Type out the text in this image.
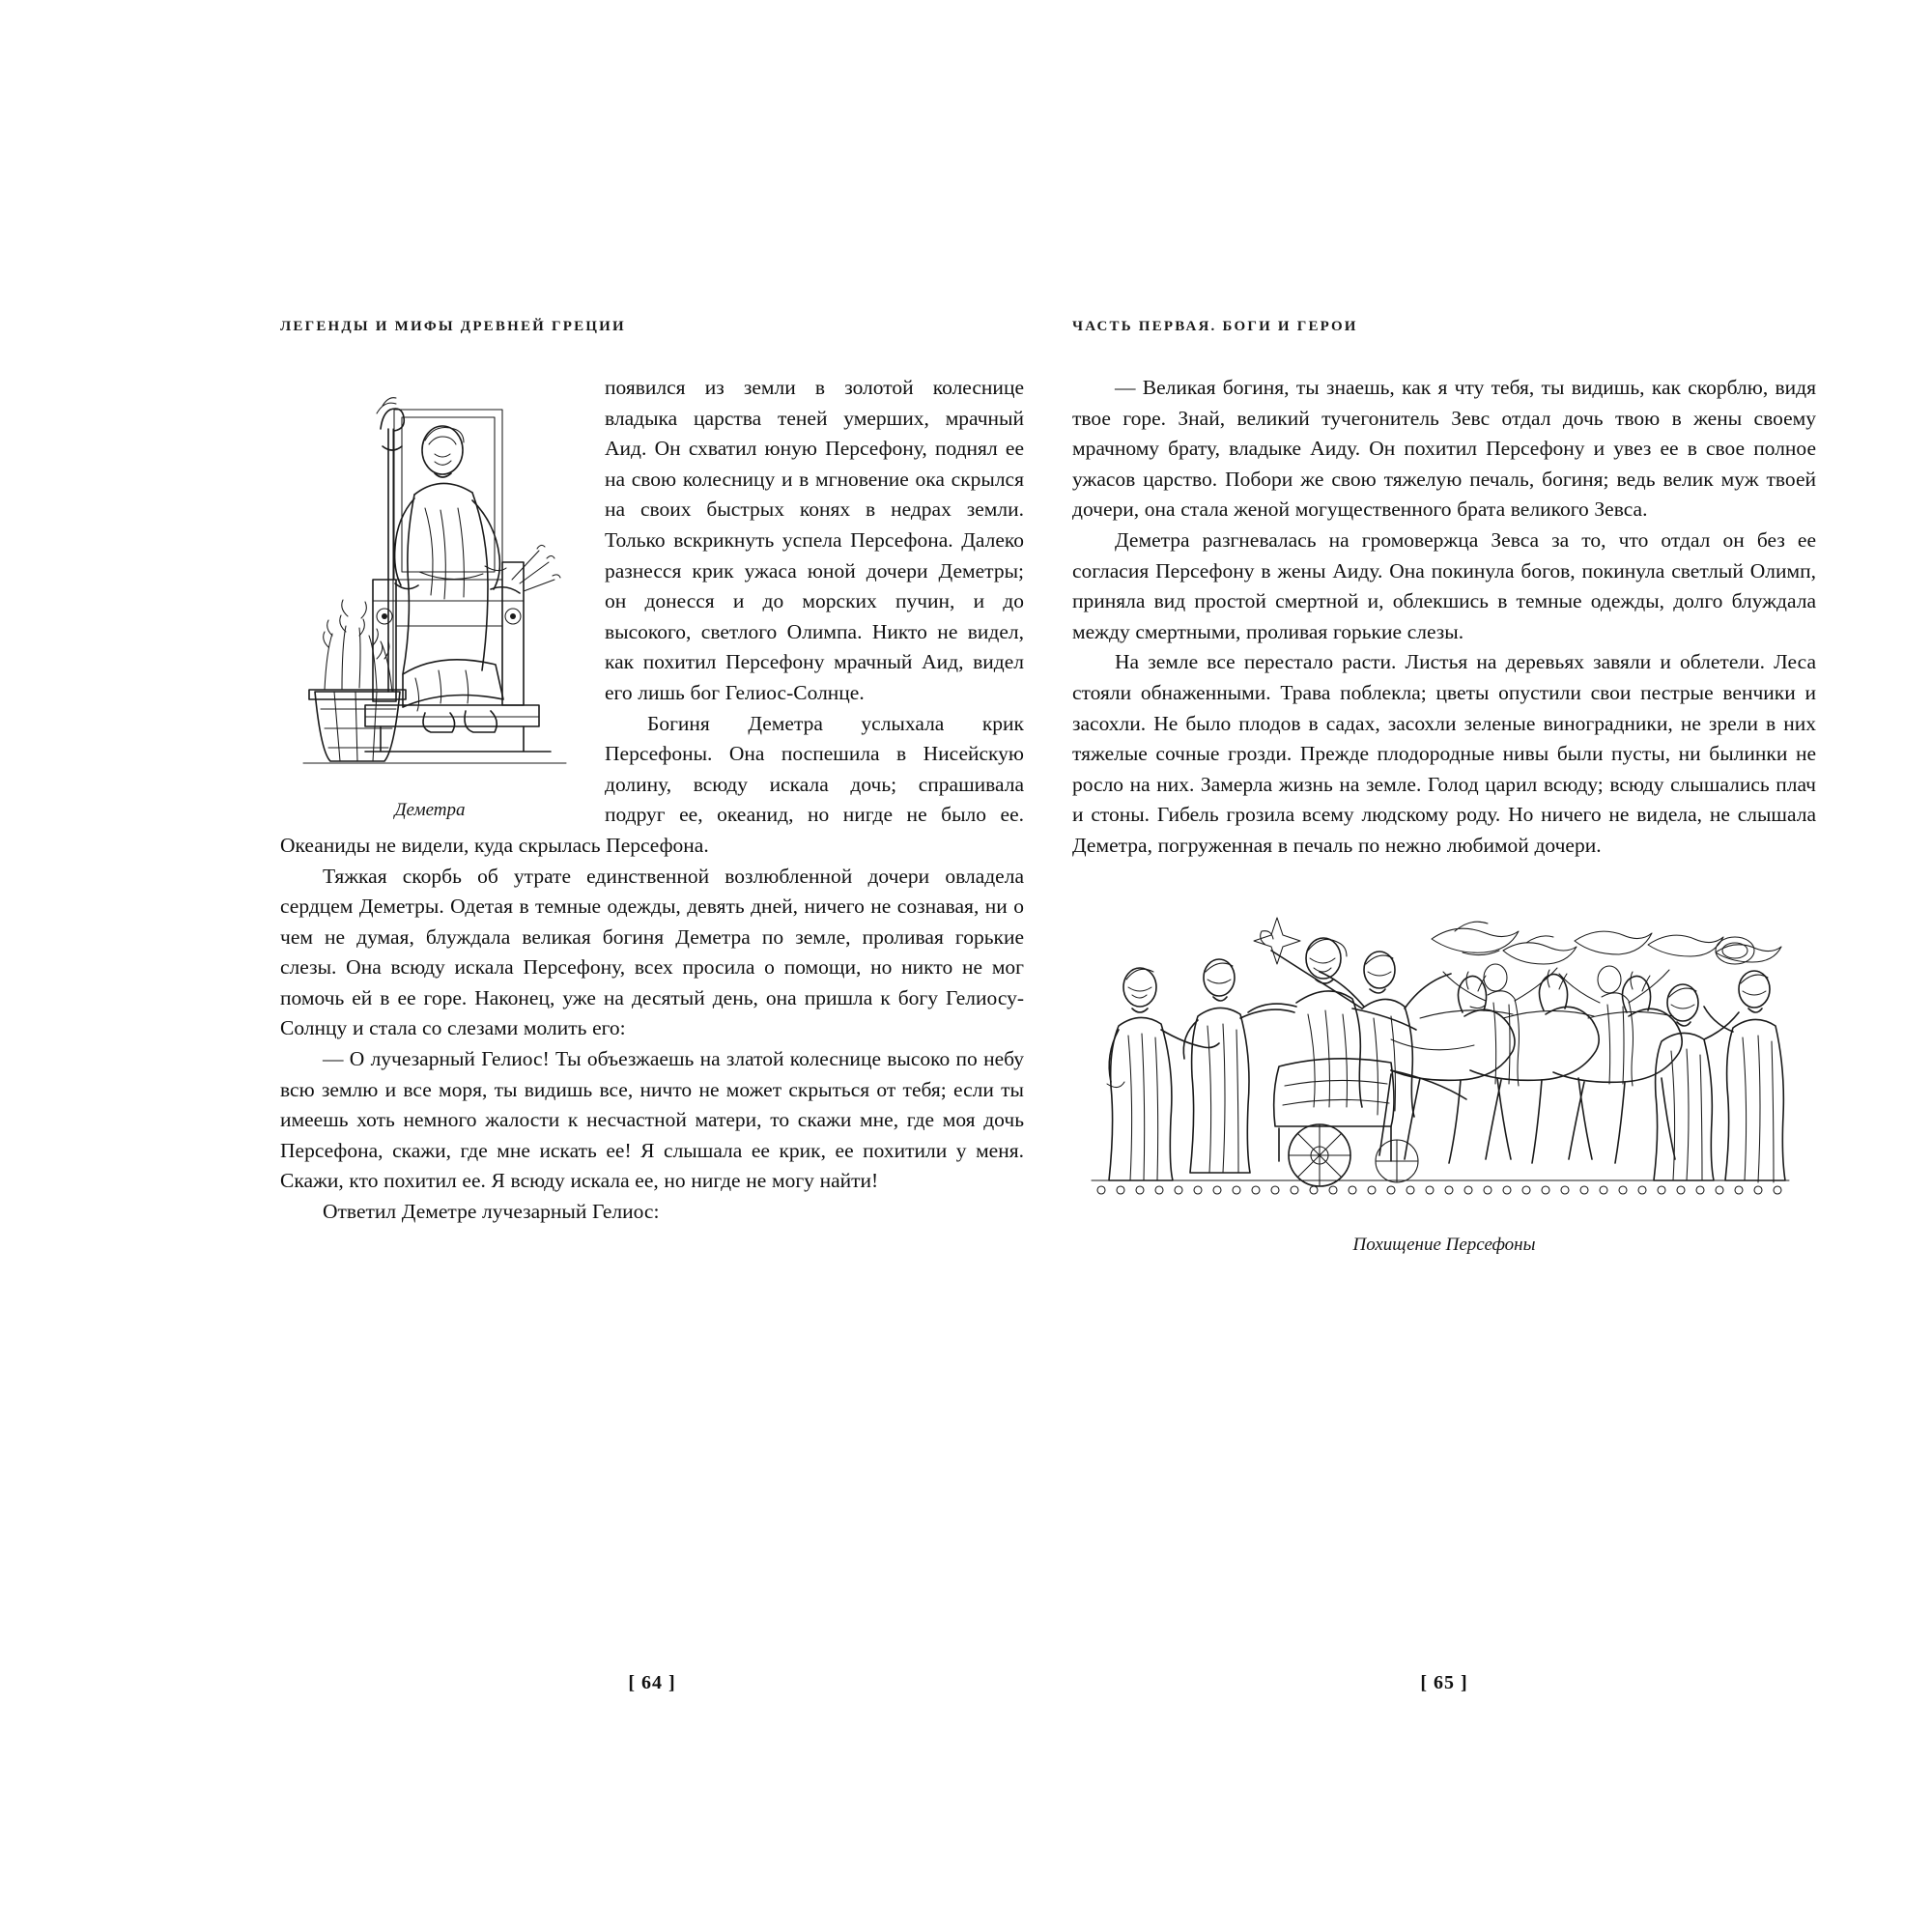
ЛЕГЕНДЫ И МИФЫ ДРЕВНЕЙ ГРЕЦИИ
Деметра

появился из земли в золотой колеснице владыка царства теней умерших, мрачный Аид. Он схватил юную Персефону, поднял ее на свою колесницу и в мгновение ока скрылся на своих быстрых конях в недрах земли. Только вскрикнуть успела Персефона. Далеко разнесся крик ужаса юной дочери Деметры; он донесся и до морских пучин, и до высокого, светлого Олимпа. Никто не видел, как похитил Персефону мрачный Аид, видел его лишь бог Гелиос-Солнце.

Богиня Деметра услыхала крик Персефоны. Она поспешила в Нисейскую долину, всюду искала дочь; спрашивала подруг ее, океанид, но нигде не было ее. Океаниды не видели, куда скрылась Персефона.

Тяжкая скорбь об утрате единственной возлюбленной дочери овладела сердцем Деметры. Одетая в темные одежды, девять дней, ничего не сознавая, ни о чем не думая, блуждала великая богиня Деметра по земле, проливая горькие слезы. Она всюду искала Персефону, всех просила о помощи, но никто не мог помочь ей в ее горе. Наконец, уже на десятый день, она пришла к богу Гелиосу-Солнцу и стала со слезами молить его:

— О лучезарный Гелиос! Ты объезжаешь на златой колеснице высоко по небу всю землю и все моря, ты видишь все, ничто не может скрыться от тебя; если ты имеешь хоть немного жалости к несчастной матери, то скажи мне, где моя дочь Персефона, скажи, где мне искать ее! Я слышала ее крик, ее похитили у меня. Скажи, кто похитил ее. Я всюду искала ее, но нигде не могу найти!

Ответил Деметре лучезарный Гелиос:

[ 64 ]
ЧАСТЬ ПЕРВАЯ. БОГИ И ГЕРОИ

— Великая богиня, ты знаешь, как я чту тебя, ты видишь, как скорблю, видя твое горе. Знай, великий тучегонитель Зевс отдал дочь твою в жены своему мрачному брату, владыке Аиду. Он похитил Персефону и увез ее в свое полное ужасов царство. Побори же свою тяжелую печаль, богиня; ведь велик муж твоей дочери, она стала женой могущественного брата великого Зевса.

Деметра разгневалась на громовержца Зевса за то, что отдал он без ее согласия Персефону в жены Аиду. Она покинула богов, покинула светлый Олимп, приняла вид простой смертной и, облекшись в темные одежды, долго блуждала между смертными, проливая горькие слезы.

На земле все перестало расти. Листья на деревьях завяли и облетели. Леса стояли обнаженными. Трава поблекла; цветы опустили свои пестрые венчики и засохли. Не было плодов в садах, засохли зеленые виноградники, не зрели в них тяжелые сочные грозди. Прежде плодородные нивы были пусты, ни былинки не росло на них. Замерла жизнь на земле. Голод царил всюду; всюду слышались плач и стоны. Гибель грозила всему людскому роду. Но ничего не видела, не слышала Деметра, погруженная в печаль по нежно любимой дочери.

Похищение Персефоны
[ 65 ]
